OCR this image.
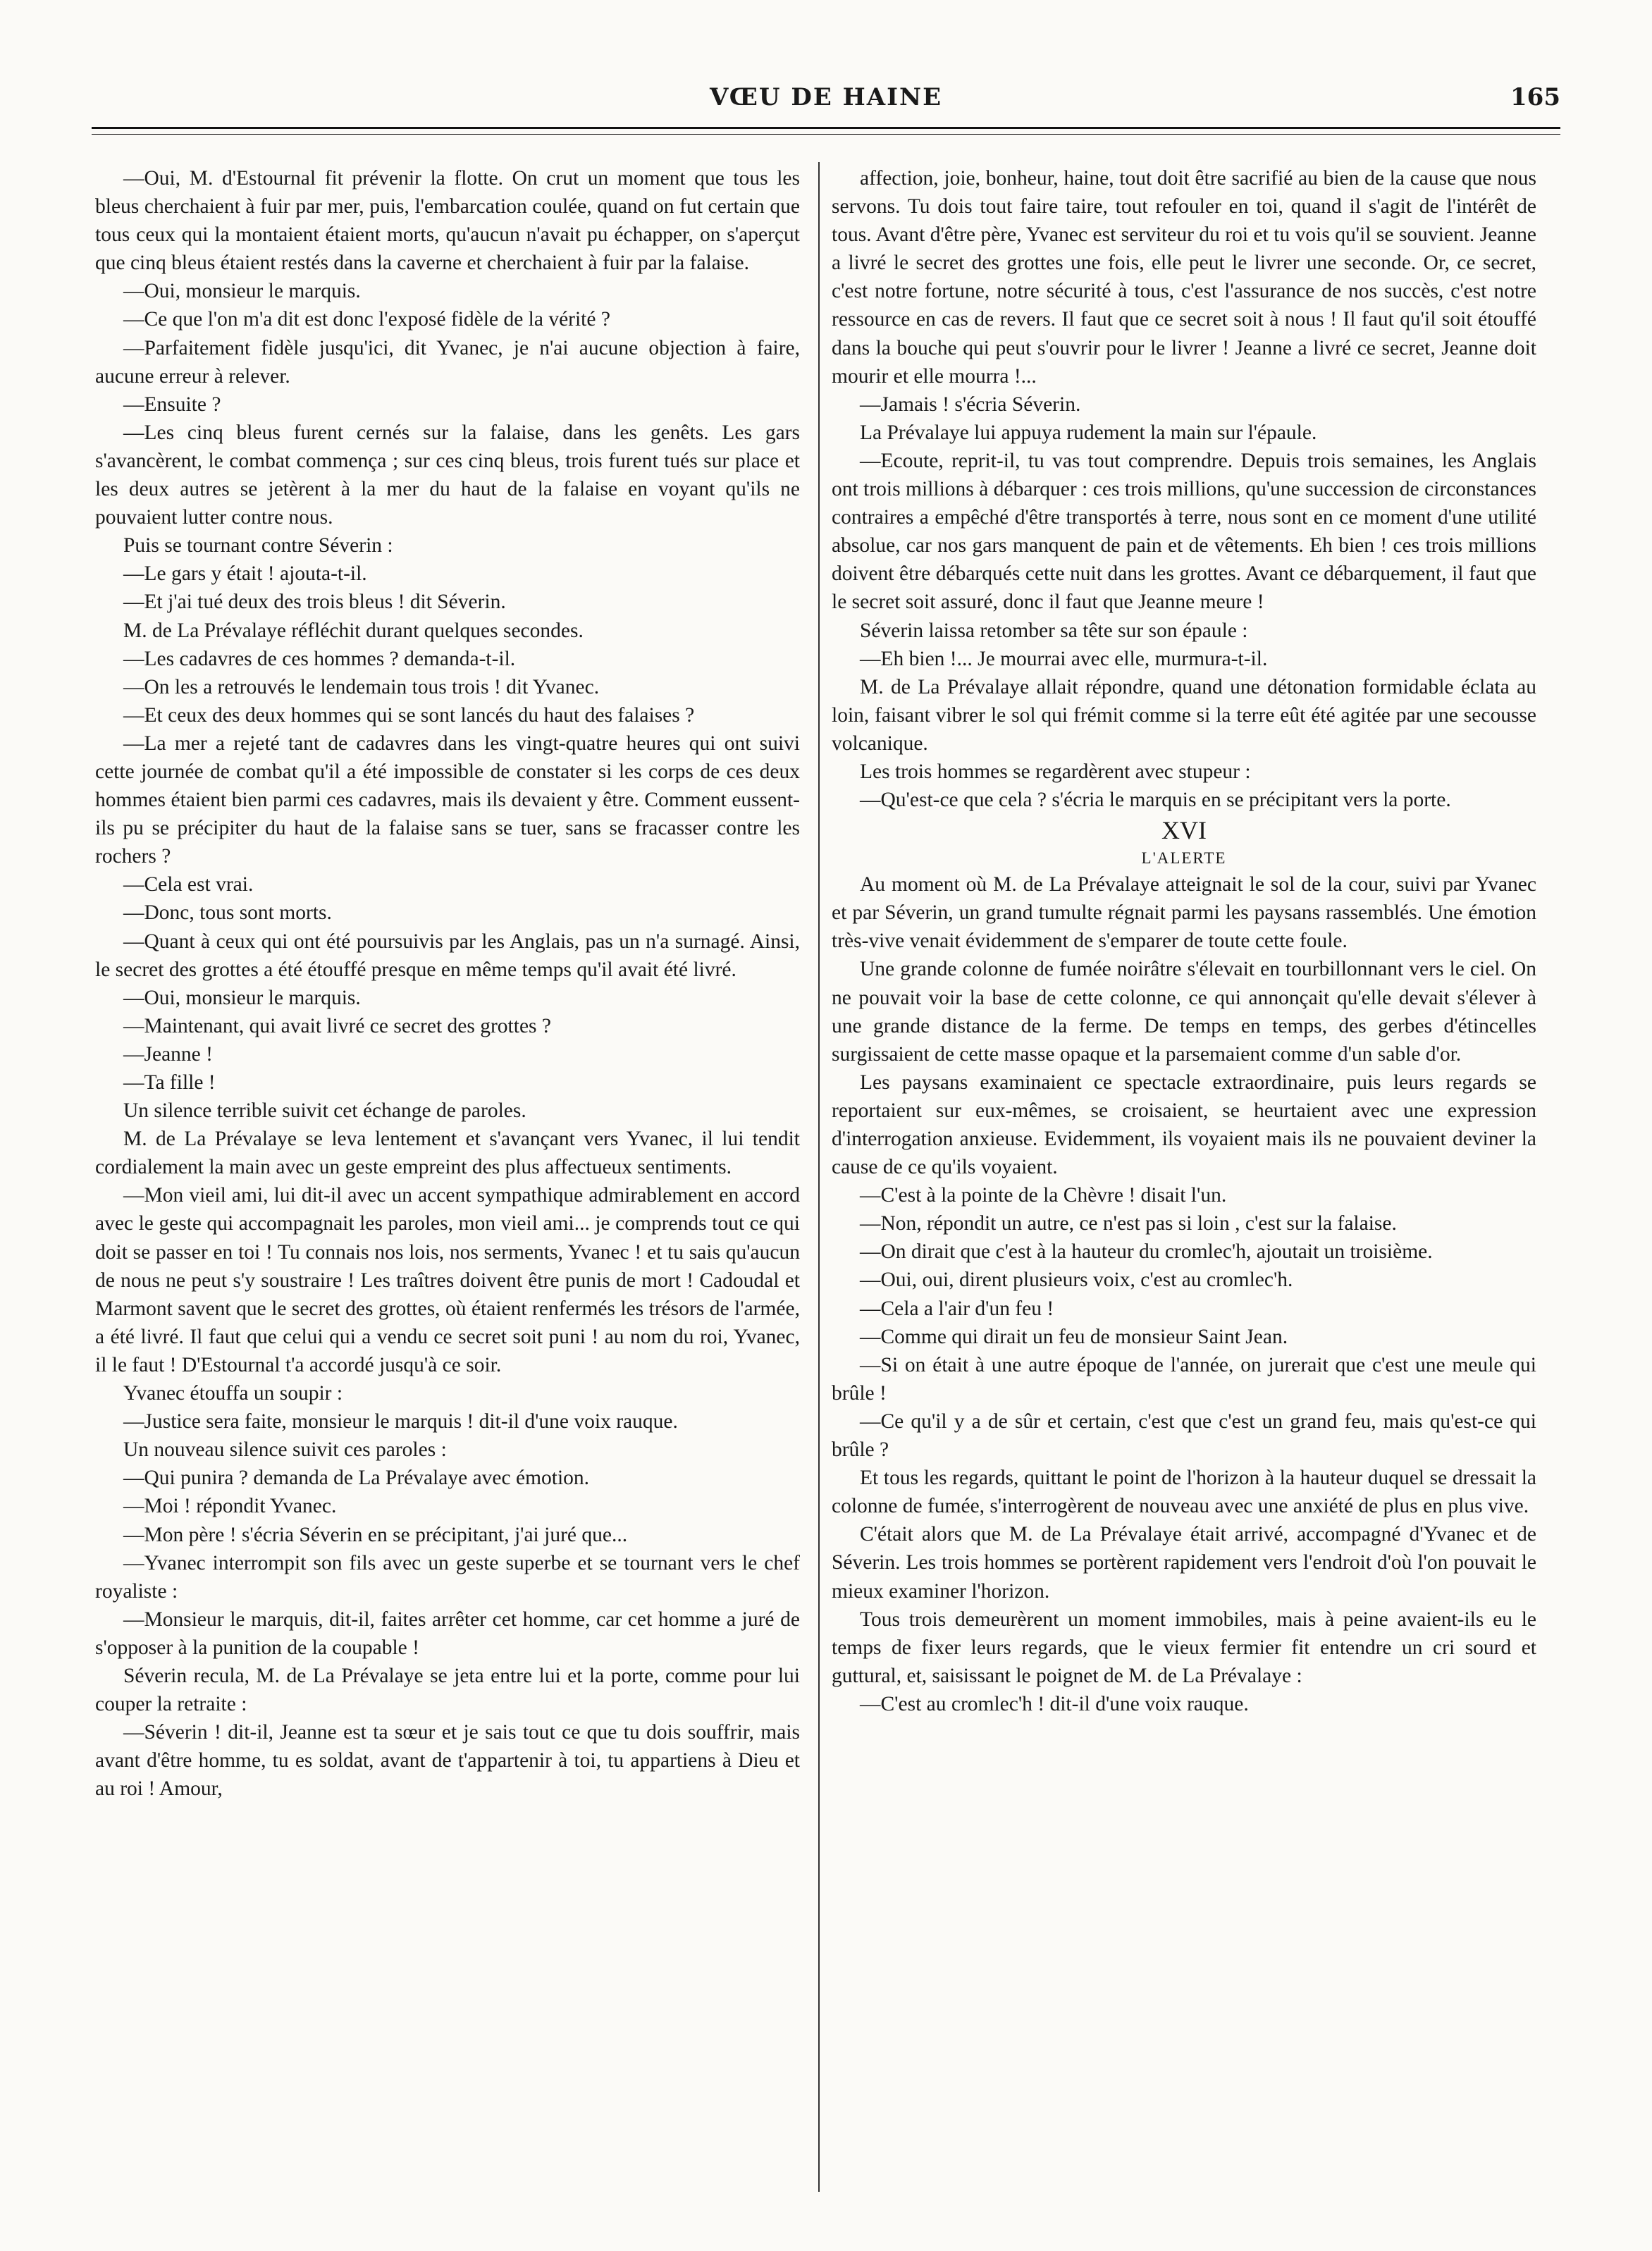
VŒU DE HAINE	165

—Oui, M. d'Estournal fit prévenir la flotte. On crut un moment que tous les bleus cherchaient à fuir par mer, puis, l'embarcation coulée, quand on fut certain que tous ceux qui la montaient étaient morts, qu'aucun n'avait pu échapper, on s'aperçut que cinq bleus étaient restés dans la caverne et cherchaient à fuir par la falaise.

—Oui, monsieur le marquis.

—Ce que l'on m'a dit est donc l'exposé fidèle de la vérité ?

—Parfaitement fidèle jusqu'ici, dit Yvanec, je n'ai aucune objection à faire, aucune erreur à relever.

—Ensuite ?

—Les cinq bleus furent cernés sur la falaise, dans les genêts. Les gars s'avancèrent, le combat commença ; sur ces cinq bleus, trois furent tués sur place et les deux autres se jetèrent à la mer du haut de la falaise en voyant qu'ils ne pouvaient lutter contre nous.

Puis se tournant contre Séverin :

—Le gars y était ! ajouta-t-il.

—Et j'ai tué deux des trois bleus ! dit Séverin.

M. de La Prévalaye réfléchit durant quelques secondes.

—Les cadavres de ces hommes ? demanda-t-il.

—On les a retrouvés le lendemain tous trois ! dit Yvanec.

—Et ceux des deux hommes qui se sont lancés du haut des falaises ?

—La mer a rejeté tant de cadavres dans les vingt-quatre heures qui ont suivi cette journée de combat qu'il a été impossible de constater si les corps de ces deux hommes étaient bien parmi ces cadavres, mais ils devaient y être. Comment eussent-ils pu se précipiter du haut de la falaise sans se tuer, sans se fracasser contre les rochers ?

—Cela est vrai.

—Donc, tous sont morts.

—Quant à ceux qui ont été poursuivis par les Anglais, pas un n'a surnagé. Ainsi, le secret des grottes a été étouffé presque en même temps qu'il avait été livré.

—Oui, monsieur le marquis.

—Maintenant, qui avait livré ce secret des grottes ?

—Jeanne !

—Ta fille !

Un silence terrible suivit cet échange de paroles.

M. de La Prévalaye se leva lentement et s'avançant vers Yvanec, il lui tendit cordialement la main avec un geste empreint des plus affectueux sentiments.

—Mon vieil ami, lui dit-il avec un accent sympathique admirablement en accord avec le geste qui accompagnait les paroles, mon vieil ami... je comprends tout ce qui doit se passer en toi ! Tu connais nos lois, nos serments, Yvanec ! et tu sais qu'aucun de nous ne peut s'y soustraire ! Les traîtres doivent être punis de mort ! Cadoudal et Marmont savent que le secret des grottes, où étaient renfermés les trésors de l'armée, a été livré. Il faut que celui qui a vendu ce secret soit puni ! au nom du roi, Yvanec, il le faut ! D'Estournal t'a accordé jusqu'à ce soir.

Yvanec étouffa un soupir :

—Justice sera faite, monsieur le marquis ! dit-il d'une voix rauque.

Un nouveau silence suivit ces paroles :

—Qui punira ? demanda de La Prévalaye avec émotion.

—Moi ! répondit Yvanec.

—Mon père ! s'écria Séverin en se précipitant, j'ai juré que...

—Yvanec interrompit son fils avec un geste superbe et se tournant vers le chef royaliste :

—Monsieur le marquis, dit-il, faites arrêter cet homme, car cet homme a juré de s'opposer à la punition de la coupable !

Séverin recula, M. de La Prévalaye se jeta entre lui et la porte, comme pour lui couper la retraite :

—Séverin ! dit-il, Jeanne est ta sœur et je sais tout ce que tu dois souffrir, mais avant d'être homme, tu es soldat, avant de t'appartenir à toi, tu appartiens à Dieu et au roi ! Amour,

affection, joie, bonheur, haine, tout doit être sacrifié au bien de la cause que nous servons. Tu dois tout faire taire, tout refouler en toi, quand il s'agit de l'intérêt de tous. Avant d'être père, Yvanec est serviteur du roi et tu vois qu'il se souvient. Jeanne a livré le secret des grottes une fois, elle peut le livrer une seconde. Or, ce secret, c'est notre fortune, notre sécurité à tous, c'est l'assurance de nos succès, c'est notre ressource en cas de revers. Il faut que ce secret soit à nous ! Il faut qu'il soit étouffé dans la bouche qui peut s'ouvrir pour le livrer ! Jeanne a livré ce secret, Jeanne doit mourir et elle mourra !...

—Jamais ! s'écria Séverin.

La Prévalaye lui appuya rudement la main sur l'épaule.

—Ecoute, reprit-il, tu vas tout comprendre. Depuis trois semaines, les Anglais ont trois millions à débarquer : ces trois millions, qu'une succession de circonstances contraires a empêché d'être transportés à terre, nous sont en ce moment d'une utilité absolue, car nos gars manquent de pain et de vêtements. Eh bien ! ces trois millions doivent être débarqués cette nuit dans les grottes. Avant ce débarquement, il faut que le secret soit assuré, donc il faut que Jeanne meure !

Séverin laissa retomber sa tête sur son épaule :

—Eh bien !... Je mourrai avec elle, murmura-t-il.

M. de La Prévalaye allait répondre, quand une détonation formidable éclata au loin, faisant vibrer le sol qui frémit comme si la terre eût été agitée par une secousse volcanique.

Les trois hommes se regardèrent avec stupeur :

—Qu'est-ce que cela ? s'écria le marquis en se précipitant vers la porte.

XVI

L'ALERTE

Au moment où M. de La Prévalaye atteignait le sol de la cour, suivi par Yvanec et par Séverin, un grand tumulte régnait parmi les paysans rassemblés. Une émotion très-vive venait évidemment de s'emparer de toute cette foule.

Une grande colonne de fumée noirâtre s'élevait en tourbillonnant vers le ciel. On ne pouvait voir la base de cette colonne, ce qui annonçait qu'elle devait s'élever à une grande distance de la ferme. De temps en temps, des gerbes d'étincelles surgissaient de cette masse opaque et la parsemaient comme d'un sable d'or.

Les paysans examinaient ce spectacle extraordinaire, puis leurs regards se reportaient sur eux-mêmes, se croisaient, se heurtaient avec une expression d'interrogation anxieuse. Evidemment, ils voyaient mais ils ne pouvaient deviner la cause de ce qu'ils voyaient.

—C'est à la pointe de la Chèvre ! disait l'un.

—Non, répondit un autre, ce n'est pas si loin , c'est sur la falaise.

—On dirait que c'est à la hauteur du cromlec'h, ajoutait un troisième.

—Oui, oui, dirent plusieurs voix, c'est au cromlec'h.

—Cela a l'air d'un feu !

—Comme qui dirait un feu de monsieur Saint Jean.

—Si on était à une autre époque de l'année, on jurerait que c'est une meule qui brûle !

—Ce qu'il y a de sûr et certain, c'est que c'est un grand feu, mais qu'est-ce qui brûle ?

Et tous les regards, quittant le point de l'horizon à la hauteur duquel se dressait la colonne de fumée, s'interrogèrent de nouveau avec une anxiété de plus en plus vive.

C'était alors que M. de La Prévalaye était arrivé, accompagné d'Yvanec et de Séverin. Les trois hommes se portèrent rapidement vers l'endroit d'où l'on pouvait le mieux examiner l'horizon.

Tous trois demeurèrent un moment immobiles, mais à peine avaient-ils eu le temps de fixer leurs regards, que le vieux fermier fit entendre un cri sourd et guttural, et, saisissant le poignet de M. de La Prévalaye :

—C'est au cromlec'h ! dit-il d'une voix rauque.
